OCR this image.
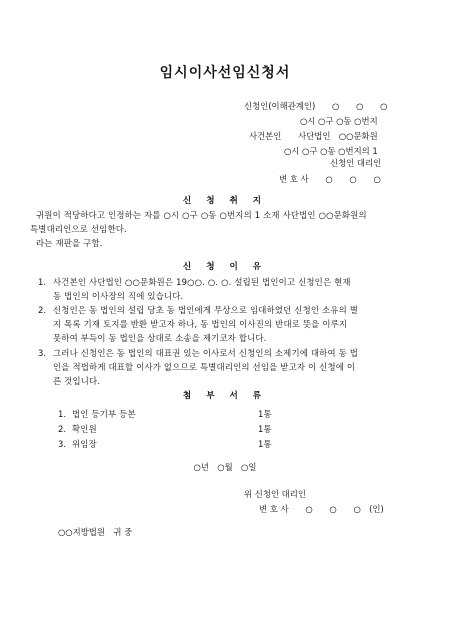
임시이사선임신청서
신청인(이해관계인)　　○　　○　　○
○시 ○구 ○동 ○번지
사건본인　　사단법인　○○문화원
○시 ○구 ○동 ○번지의 1
신청인 대리인
변 호 사　　○　　○　　○
신 청 취 지
귀원이 적당하다고 인정하는 자를 ○시 ○구 ○동 ○번지의 1 소재 사단법인 ○○문화원의
특별대리인으로 선임한다.
라는 재판을 구함.
신 청 이 유
1. 사건본인 사단법인 ○○문화원은 19○○. ○. ○. 설립된 법인이고 신청인은 현재
동 법인의 이사장의 직에 있습니다.
2. 신청인은 동 법인의 설립 당초 동 법인에게 무상으로 임대하였던 신청인 소유의 별
지 목록 기재 토지를 반환 받고자 하나, 동 법인의 이사진의 반대로 뜻을 이루지
못하여 부득이 동 법인을 상대로 소송을 제기코자 합니다.
3. 그러나 신청인은 동 법인의 대표권 있는 이사로서 신청인의 소제기에 대하여 동 법
인을 적법하게 대표할 이사가 없으므로 특별대리인의 선임을 받고자 이 신청에 이
른 것입니다.
첨 부 서 류
1. 법인 등기부 등본	1통
2. 확인원	1통
3. 위임장	1통
○년　○월　○일
위 신청인 대리인
변 호 사　　○　　○　　○　(인)
○○지방법원　귀 중
